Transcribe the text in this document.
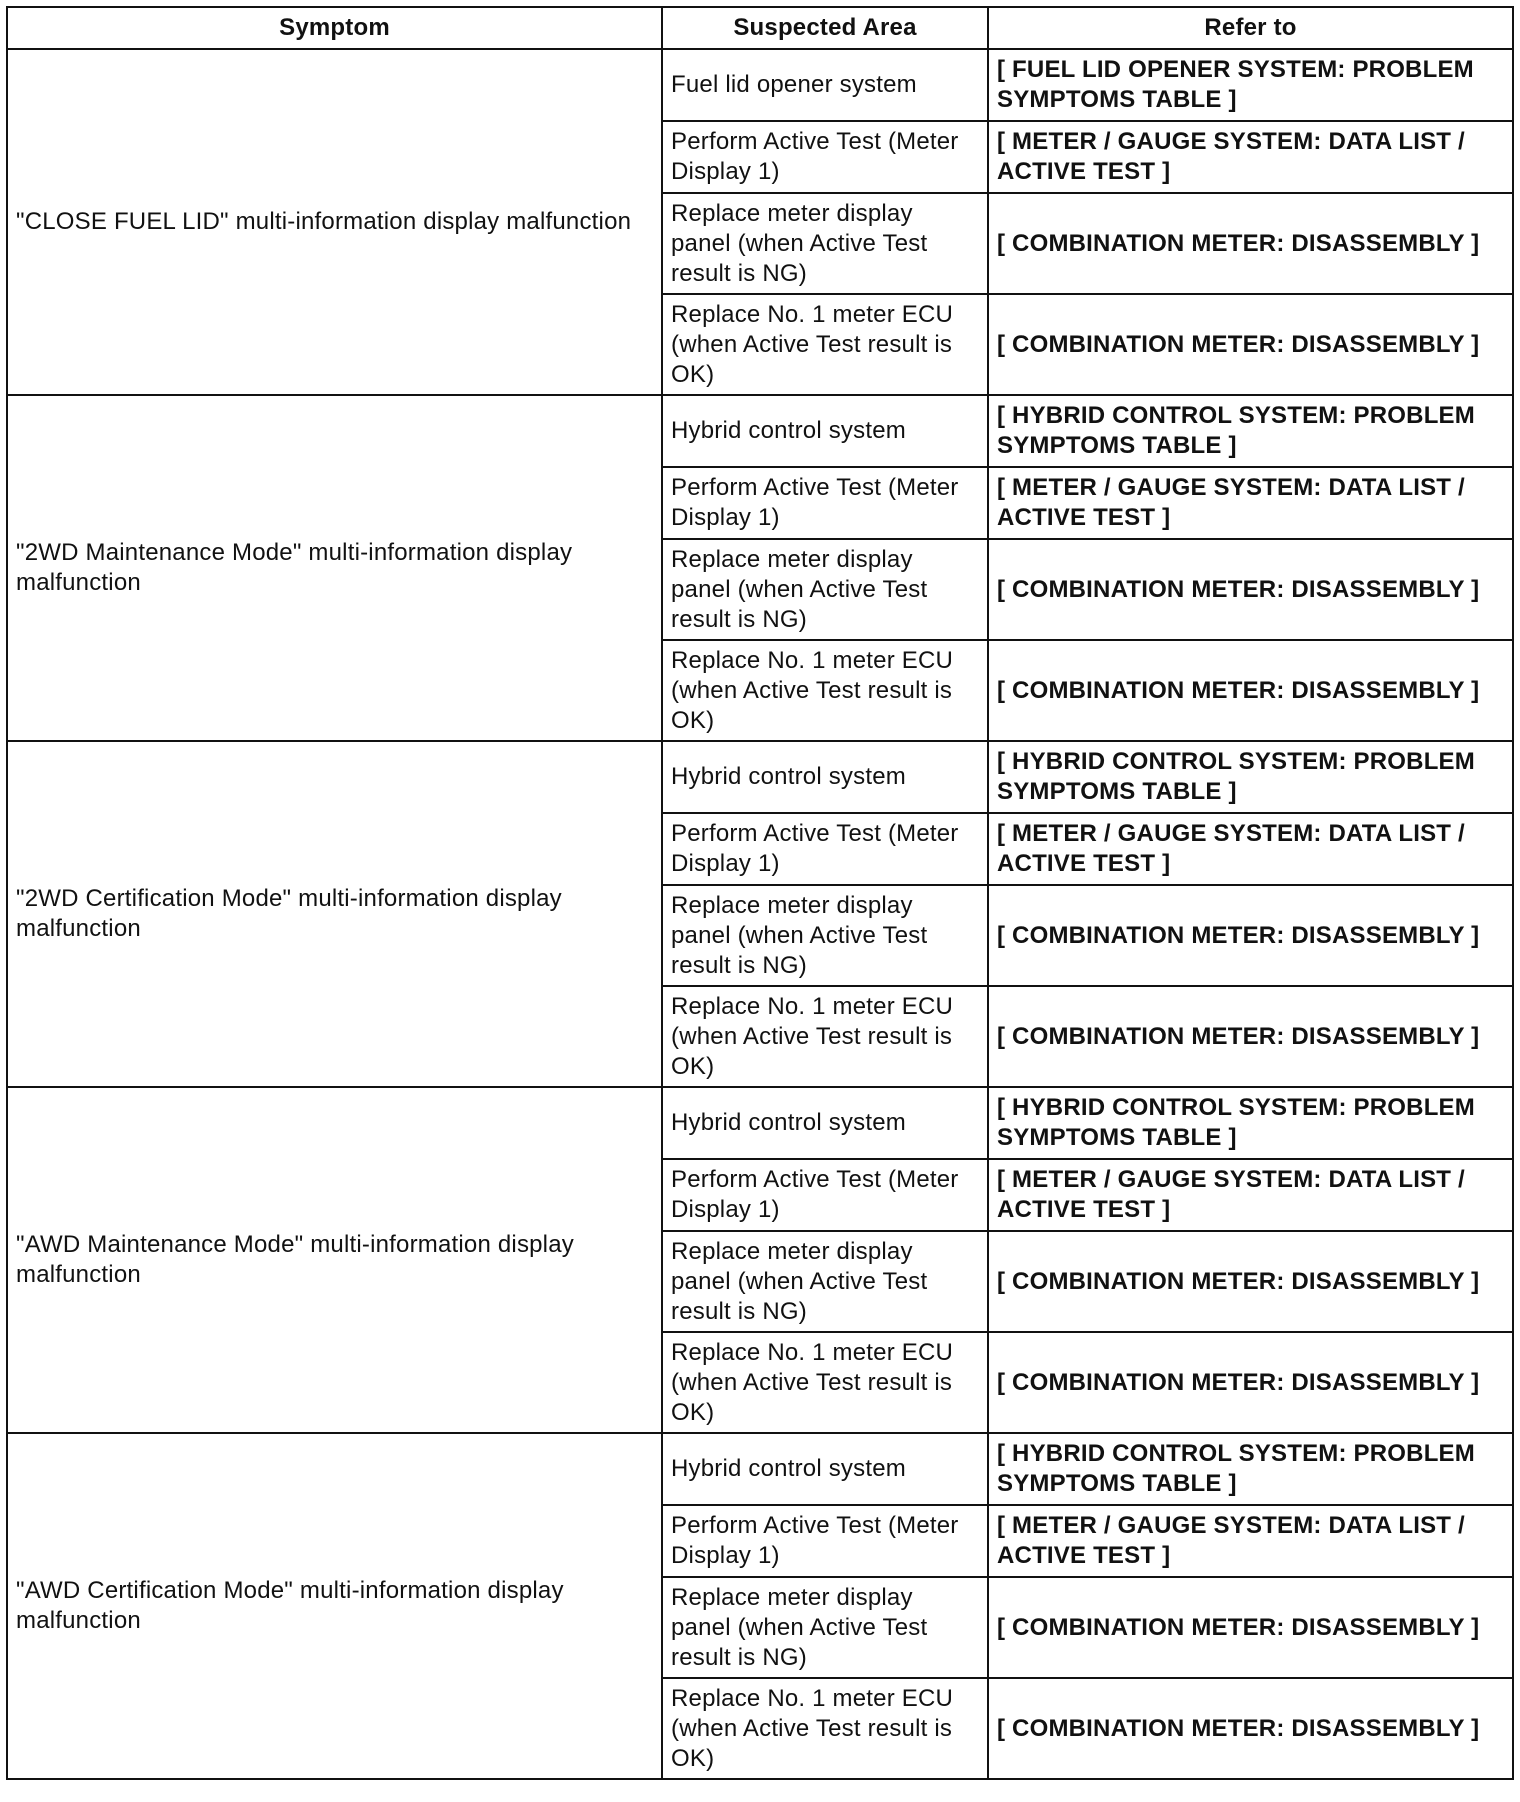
Symptom	Suspected Area	Refer to
"CLOSE FUEL LID" multi-information display malfunction	Fuel lid opener system	[ FUEL LID OPENER SYSTEM: PROBLEM SYMPTOMS TABLE ]
	Perform Active Test (Meter Display 1)	[ METER / GAUGE SYSTEM: DATA LIST / ACTIVE TEST ]
	Replace meter display panel (when Active Test result is NG)	[ COMBINATION METER: DISASSEMBLY ]
	Replace No. 1 meter ECU (when Active Test result is OK)	[ COMBINATION METER: DISASSEMBLY ]
"2WD Maintenance Mode" multi-information display malfunction	Hybrid control system	[ HYBRID CONTROL SYSTEM: PROBLEM SYMPTOMS TABLE ]
	Perform Active Test (Meter Display 1)	[ METER / GAUGE SYSTEM: DATA LIST / ACTIVE TEST ]
	Replace meter display panel (when Active Test result is NG)	[ COMBINATION METER: DISASSEMBLY ]
	Replace No. 1 meter ECU (when Active Test result is OK)	[ COMBINATION METER: DISASSEMBLY ]
"2WD Certification Mode" multi-information display malfunction	Hybrid control system	[ HYBRID CONTROL SYSTEM: PROBLEM SYMPTOMS TABLE ]
	Perform Active Test (Meter Display 1)	[ METER / GAUGE SYSTEM: DATA LIST / ACTIVE TEST ]
	Replace meter display panel (when Active Test result is NG)	[ COMBINATION METER: DISASSEMBLY ]
	Replace No. 1 meter ECU (when Active Test result is OK)	[ COMBINATION METER: DISASSEMBLY ]
"AWD Maintenance Mode" multi-information display malfunction	Hybrid control system	[ HYBRID CONTROL SYSTEM: PROBLEM SYMPTOMS TABLE ]
	Perform Active Test (Meter Display 1)	[ METER / GAUGE SYSTEM: DATA LIST / ACTIVE TEST ]
	Replace meter display panel (when Active Test result is NG)	[ COMBINATION METER: DISASSEMBLY ]
	Replace No. 1 meter ECU (when Active Test result is OK)	[ COMBINATION METER: DISASSEMBLY ]
"AWD Certification Mode" multi-information display malfunction	Hybrid control system	[ HYBRID CONTROL SYSTEM: PROBLEM SYMPTOMS TABLE ]
	Perform Active Test (Meter Display 1)	[ METER / GAUGE SYSTEM: DATA LIST / ACTIVE TEST ]
	Replace meter display panel (when Active Test result is NG)	[ COMBINATION METER: DISASSEMBLY ]
	Replace No. 1 meter ECU (when Active Test result is OK)	[ COMBINATION METER: DISASSEMBLY ]
